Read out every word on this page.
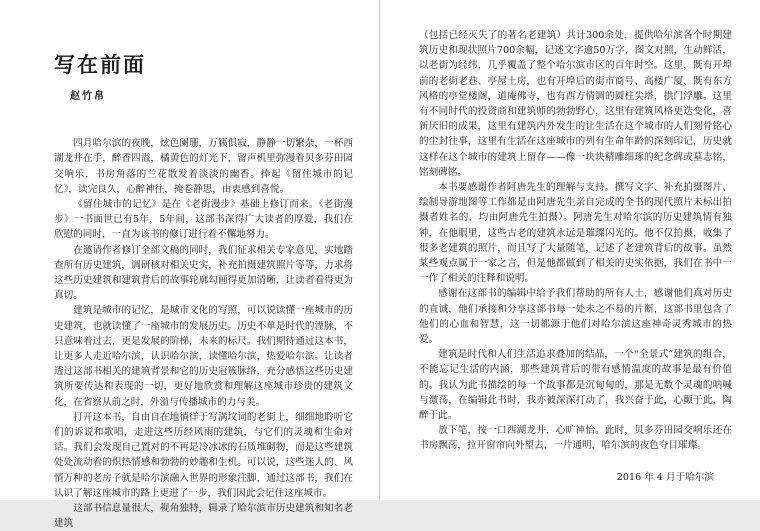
写在前面
赵竹帛

四月哈尔滨的夜晚，炫色阑珊，万籁俱寂，静静一切繁杂，一杯西湖龙井在手，醉香四溢，橘黄色的灯光下，留声机里弥漫着贝多芬田园交响乐，书房角落的兰花散发着淡淡的幽香。捧起《留住城市的记忆》，读完良久，心醉神往，掩卷静思，由衷感到喜悦。

《留住城市的记忆》是在《老街漫步》基础上修订而来。《老街漫步》一书面世已有5年，5年间，这部书深得广大读者的厚爱，我们在欣慰的同时，一直为该书的修订进行着不懈地努力。

在邀请作者修订全部文稿的同时，我们征求相关专家意见，实地踏查所有历史建筑，调研核对相关史实，补充拍摄建筑照片等等，力求将这些历史建筑和建筑背后的故事轮廓勾画得更加清晰，让读者看得更为真切。

建筑是城市的记忆，是城市文化的写照，可以说读懂一座城市的历史建筑，也就读懂了一座城市的发展历史。历史不单是时代的湮脉，不只意味着过去，更是发展的阶梯，未来的标尺。我们期待通过这本书，让更多人走近哈尔滨，认识哈尔滨，读懂哈尔滨，热爱哈尔滨。让读者透过这部书相关的建筑背景和它的历史冠簇脉络，充分感悟这些历史建筑所要传达和表现的一切，更好地欣赏和理解这座城市珍贵的建筑文化，在省察从前之时，外溢与传播城市的力与美。

打开这本书，自由自在地徜徉于写满坟词的老街上，细细地聆听它们的诉说和歌唱，走进这些历经风雨的建筑，与它们的灵魂和生命对话。我们会发现自己置对的不再是冷冰冰的石质堆砌物，而是这些建筑处处流动着的炽热情感和勃勃的妙趣和生机。可以说，这些迷人的、风情万种的老房子就是哈尔滨融入世界的形象注脚，通过这部书，我们在认识了解这座城市的路上更进了一步，我们因此会记住这座城市。

这部书信息量很大，视角独特，辑录了哈尔滨市历史建筑和知名老建筑

（包括已经灭失了的著名老建筑）共计300余处，提供哈尔滨各个时期建筑历史和现状照片700余幅，记述文字逾50万字，图文对照，生动鲜活，以老街为经纬，几乎覆盖了整个哈尔滨市区的百年时空。这里，既有开埠前的老街老巷、亭屋土房，也有开埠后的街市商号、高楼广厦，既有东方风格的亭堂楼阁，道庵佛寺，也有西方情调的圆柱尖塔，拱门浮雕。这里有不同时代的投资商和建筑师的勃勃野心，这里有建筑风格更迭变化，喜新厌旧的成果，这里有建筑内外发生的让生活在这个城市的人们刻骨铭心的尘封往事，这里有生活在这座城市的列有生命年龄的深刻印记，历史就这样在这个城市的建筑上留存——像一块块精雕细琢的纪念碑或墓志铭，铭刻碑铭。

本书要感谢作者阿唐先生的理解与支持。撰写文字、补充拍摄图片、绘制导游地图等工作都是由阿唐先生亲自完成的全书的现代照片未标出拍摄者姓名的，均由阿唐先生拍摄）。阿唐先生对哈尔滨的历史建筑情有独钟，在他眼里，这些古老的建筑永远是璀璨闪光的。他不仅拍摄，收集了很多老建筑的照片，而且写了大量随笔，记述了老建筑背后的故事。虽然某些观点属于一家之言，但是他都做到了相关的史实依据，我们在书中一一作了相关的注释和说明。

感谢在这部书的编辑中给予我们帮助的所有人士，感谢他们真对历史的直诚，他们承接和分享这部书每一处未之不易的片断，这部书里包含了他们的心血和智慧，这一切都源于他们对哈尔滨这座神奇灵秀城市的热爱。

建筑是时代和人们生活追求叠加的结晶，一个“全景式”建筑的组合，不能忘记生活的内涵，那些建筑背后的带有感情温度的故事是最有价值的。我认为此书描绘的每一个故事都是沉甸甸的，那是无数个灵魂的呐喊与激荡，在编辑此书时，我亦被深深打动了，我兴奋于此，心颤于此，陶醉于此。

放下笔，按一口西湖龙井，心旷神怡。此时，贝多芬田园交响乐还在书房飘荡，拉开窗帘向外望去，一片通明，哈尔滨的夜色夺目璀璨。

2016 年 4 月于哈尔滨
